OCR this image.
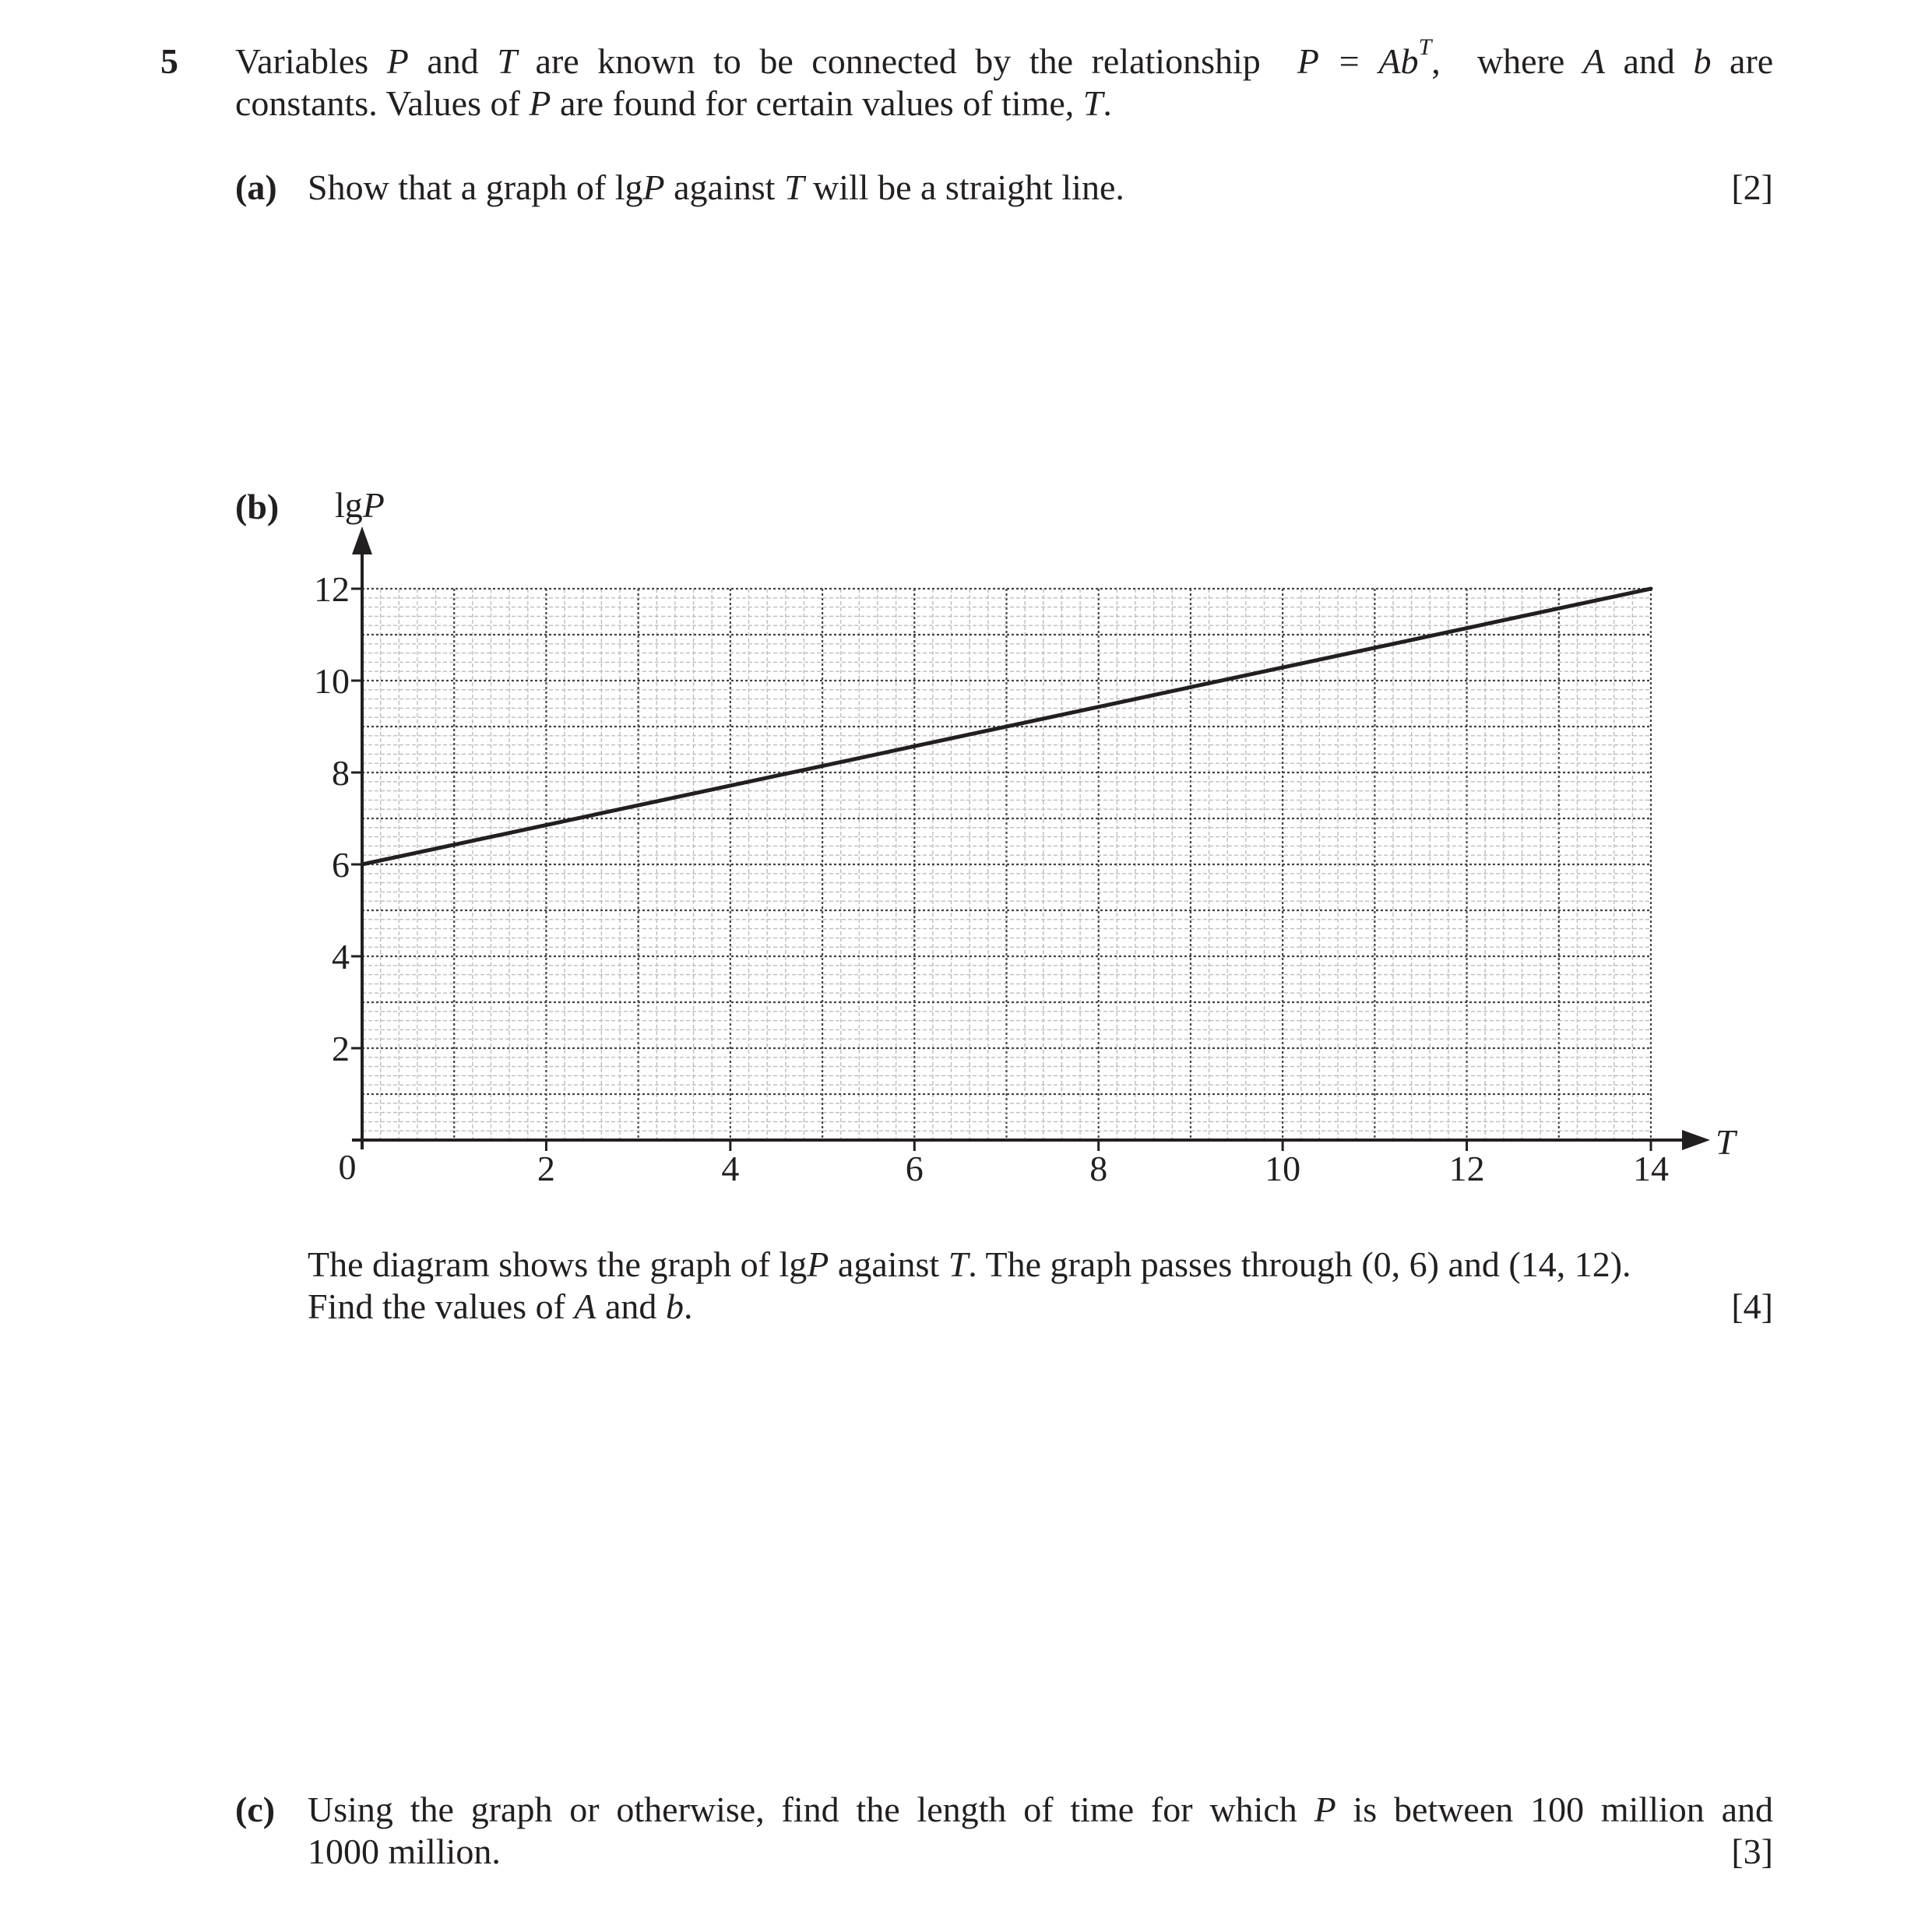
5 Variables P and T are known to be connected by the relationship $P = Ab^T$, where A and b are
constants. Values of P are found for certain values of time, T.
(a) Show that a graph of lgP against T will be a straight line.	[2]
(b)
2	4	6	8	10	12	14
2
4
6
8
10
12
lgP
T
0
The diagram shows the graph of lgP against T. The graph passes through (0, 6) and (14, 12).
Find the values of A and b.	[4]
(c) Using the graph or otherwise, find the length of time for which P is between 100 million and
1000 million.	[3]
